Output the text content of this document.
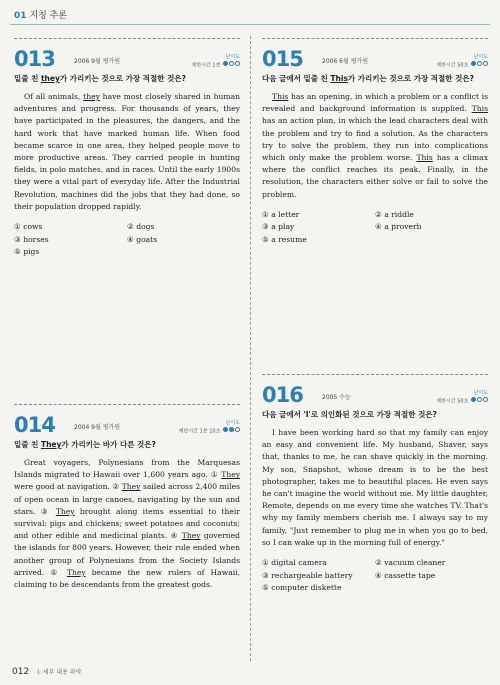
01 지칭 추론
013	2006 9월 평가원
난이도
제한시간 1분
밑줄 친 they가 가리키는 것으로 가장 적절한 것은?
Of all animals, they have most closely shared in human adventures and progress. For thousands of years, they have participated in the pleasures, the dangers, and the hard work that have marked human life. When food became scarce in one area, they helped people move to more productive areas. They carried people in hunting fields, in polo matches, and in races. Until the early 1900s they were a vital part of everyday life. After the Industrial Revolution, machines did the jobs that they had done, so their population dropped rapidly.
① cows	② dogs
③ horses	④ goats
⑤ pigs
015	2006 6월 평가원
난이도
제한시간 50초
다음 글에서 밑줄 친 This가 가리키는 것으로 가장 적절한 것은?
This has an opening, in which a problem or a conflict is revealed and background information is supplied. This has an action plan, in which the lead characters deal with the problem and try to find a solution. As the characters try to solve the problem, they run into complications which only make the problem worse. This has a climax where the conflict reaches its peak. Finally, in the resolution, the characters either solve or fail to solve the problem.
① a letter	② a riddle
③ a play	④ a proverb
⑤ a resume
014	2004 9월 평가원
난이도
제한시간 1분 10초
밑줄 친 They가 가리키는 바가 다른 것은?
Great voyagers, Polynesians from the Marquesas Islands migrated to Hawaii over 1,600 years ago. ① They were good at navigation. ② They sailed across 2,400 miles of open ocean in large canoes, navigating by the sun and stars. ③ They brought along items essential to their survival: pigs and chickens; sweet potatoes and coconuts; and other edible and medicinal plants. ④ They governed the islands for 800 years. However, their rule ended when another group of Polynesians from the Society Islands arrived. ⑤ They became the new rulers of Hawaii, claiming to be descendants from the greatest gods.
016	2005 수능
난이도
제한시간 50초
다음 글에서 'I'로 의인화된 것으로 가장 적절한 것은?
I have been working hard so that my family can enjoy an easy and convenient life. My husband, Shaver, says that, thanks to me, he can shave quickly in the morning. My son, Snapshot, whose dream is to be the best photographer, takes me to beautiful places. He even says he can't imagine the world without me. My little daughter, Remote, depends on me every time she watches TV. That's why my family members cherish me. I always say to my family, "Just remember to plug me in when you go to bed, so I can wake up in the morning full of energy."
① digital camera	② vacuum cleaner
③ rechargeable battery	④ cassette tape
⑤ computer diskette
012 I. 세부 내용 파악
